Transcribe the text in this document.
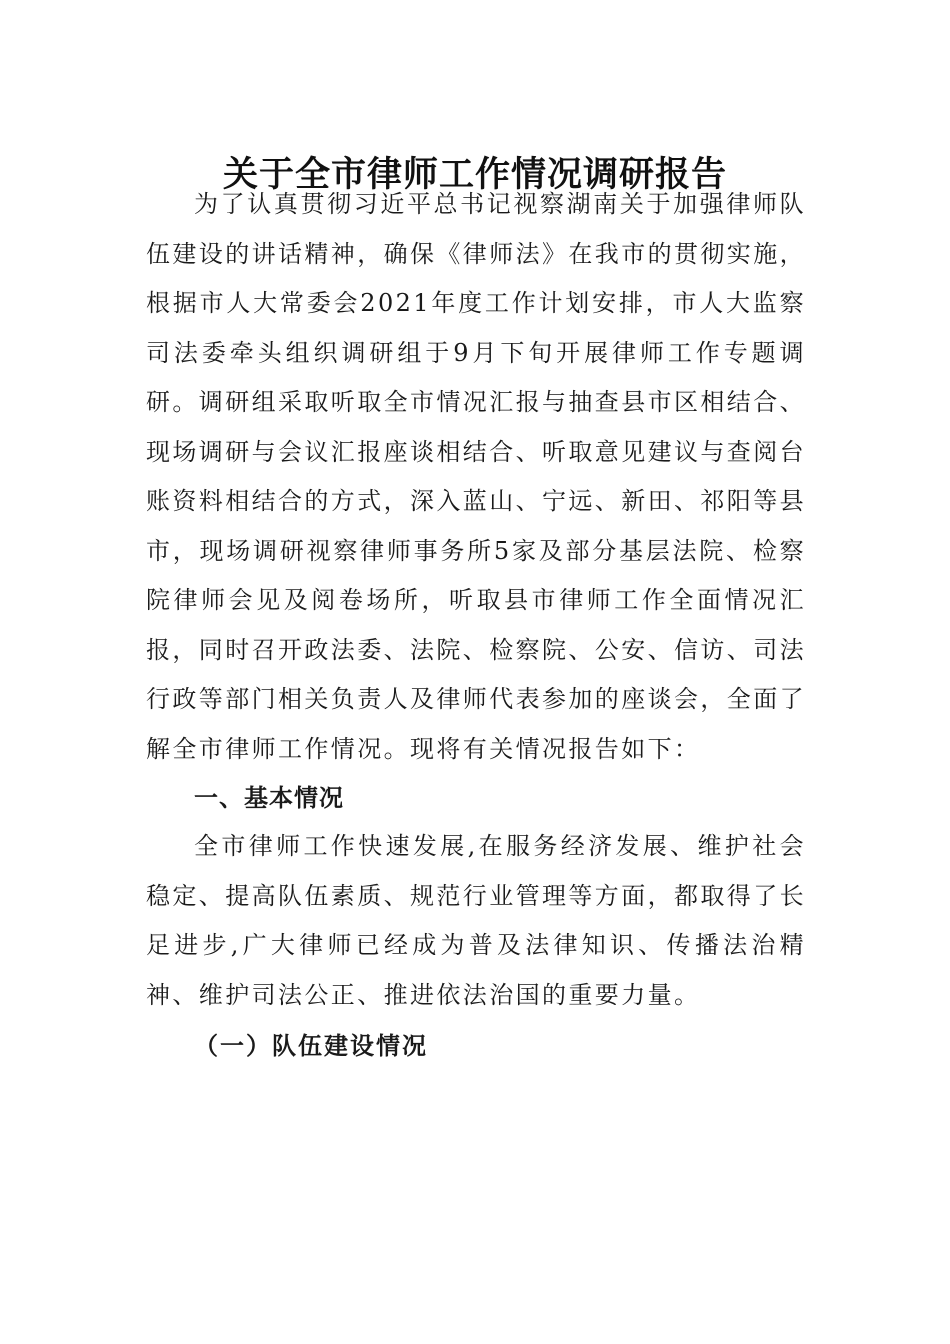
关于全市律师工作情况调研报告

为了认真贯彻习近平总书记视察湖南关于加强律师队伍建设的讲话精神，确保《律师法》在我市的贯彻实施，根据市人大常委会2021年度工作计划安排，市人大监察司法委牵头组织调研组于9月下旬开展律师工作专题调研。调研组采取听取全市情况汇报与抽查县市区相结合、现场调研与会议汇报座谈相结合、听取意见建议与查阅台账资料相结合的方式，深入蓝山、宁远、新田、祁阳等县市，现场调研视察律师事务所5家及部分基层法院、检察院律师会见及阅卷场所，听取县市律师工作全面情况汇报，同时召开政法委、法院、检察院、公安、信访、司法行政等部门相关负责人及律师代表参加的座谈会，全面了解全市律师工作情况。现将有关情况报告如下：

一、基本情况

全市律师工作快速发展,在服务经济发展、维护社会稳定、提高队伍素质、规范行业管理等方面，都取得了长足进步,广大律师已经成为普及法律知识、传播法治精神、维护司法公正、推进依法治国的重要力量。

（一）队伍建设情况
